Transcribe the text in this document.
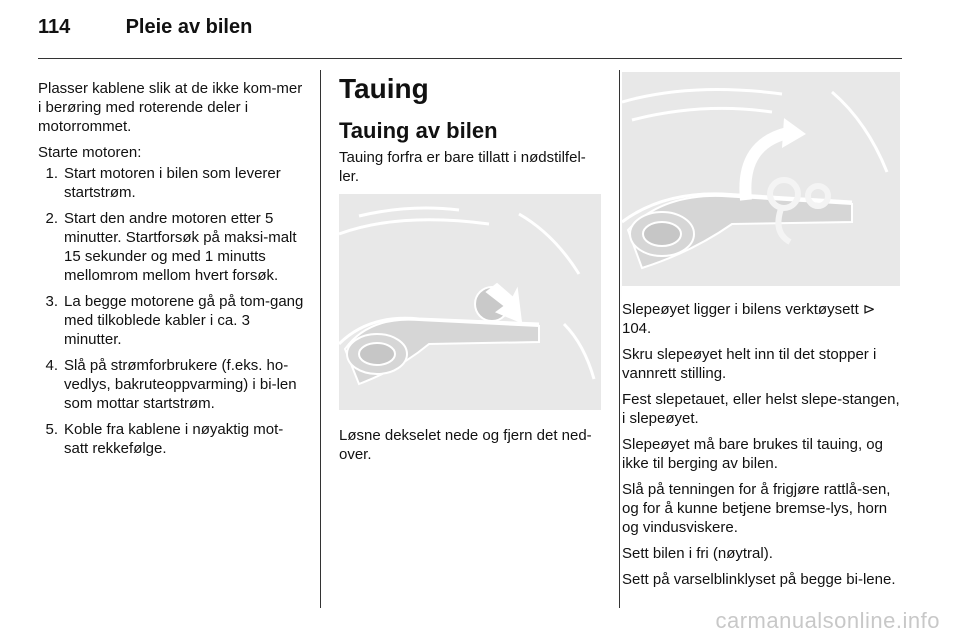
114	Pleie av bilen

Plasser kablene slik at de ikke kom-mer i berøring med roterende deler i motorrommet.

Starte motoren:

1. Start motoren i bilen som leverer startstrøm.
2. Start den andre motoren etter 5 minutter. Startforsøk på maksi-malt 15 sekunder og med 1 minutts mellomrom mellom hvert forsøk.
3. La begge motorene gå på tom-gang med tilkoblede kabler i ca. 3 minutter.
4. Slå på strømforbrukere (f.eks. ho-vedlys, bakruteoppvarming) i bi-len som mottar startstrøm.
5. Koble fra kablene i nøyaktig mot-satt rekkefølge.
Tauing
Tauing av bilen

Tauing forfra er bare tillatt i nødstilfel-ler.

Løsne dekselet nede og fjern det ned-over.

Slepeøyet ligger i bilens verktøysett ⊳ 104.

Skru slepeøyet helt inn til det stopper i vannrett stilling.

Fest slepetauet, eller helst slepe-stangen, i slepeøyet.

Slepeøyet må bare brukes til tauing, og ikke til berging av bilen.

Slå på tenningen for å frigjøre rattlå-sen, og for å kunne betjene bremse-lys, horn og vindusviskere.

Sett bilen i fri (nøytral).

Sett på varselblinklyset på begge bi-lene.

carmanualsonline.info
